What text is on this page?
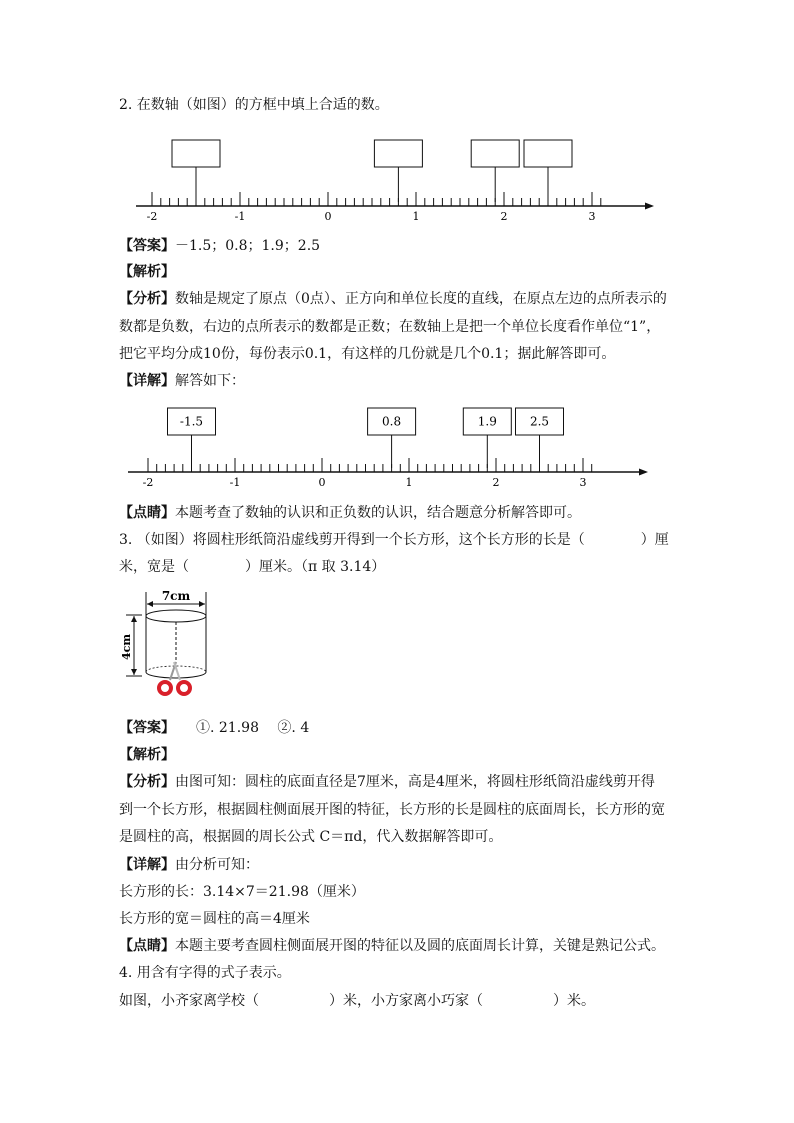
2. 在数轴（如图）的方框中填上合适的数。
-2	-1	0	1	2	3
【答案】－1.5；0.8；1.9；2.5
【解析】
【分析】数轴是规定了原点（0点）、正方向和单位长度的直线，在原点左边的点所表示的
数都是负数，右边的点所表示的数都是正数；在数轴上是把一个单位长度看作单位“1”，
把它平均分成10份，每份表示0.1，有这样的几份就是几个0.1；据此解答即可。
【详解】解答如下：
-2	-1	0	1	2	3
-1.5	0.8	1.9	2.5
【点睛】本题考查了数轴的认识和正负数的认识，结合题意分析解答即可。
3. （如图）将圆柱形纸筒沿虚线剪开得到一个长方形，这个长方形的长是（　　　　）厘
米，宽是（　　　　）厘米。（π 取 3.14）
7cm
4cm
【答案】　　 ①. 21.98　 ②. 4
【解析】
【分析】由图可知：圆柱的底面直径是7厘米，高是4厘米，将圆柱形纸筒沿虚线剪开得
到一个长方形，根据圆柱侧面展开图的特征，长方形的长是圆柱的底面周长，长方形的宽
是圆柱的高，根据圆的周长公式 C＝πd，代入数据解答即可。
【详解】由分析可知：
长方形的长：3.14×7＝21.98（厘米）
长方形的宽＝圆柱的高＝4厘米
【点睛】本题主要考查圆柱侧面展开图的特征以及圆的底面周长计算，关键是熟记公式。
4. 用含有字得的式子表示。
如图，小齐家离学校（　　　　　）米，小方家离小巧家（　　　　　）米。
